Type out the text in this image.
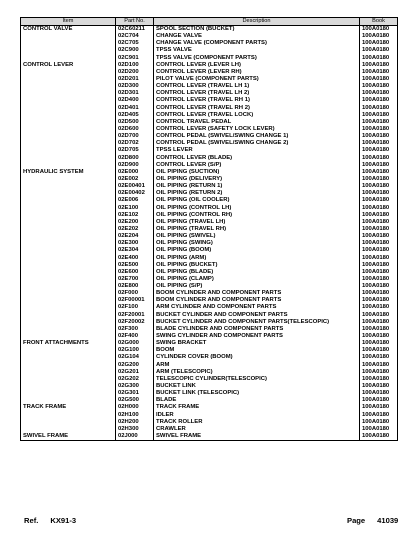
Item	Part No.	Description	Book
CONTROL VALVE	02C60211	SPOOL SECTION (BUCKET)	100A0180
	02C704	CHANGE VALVE	100A0180
	02C705	CHANGE VALVE (COMPONENT PARTS)	100A0180
	02C900	TPSS VALVE	100A0180
	02C901	TPSS VALVE (COMPONENT PARTS)	100A0180
CONTROL LEVER	02D100	CONTROL LEVER (LEVER LH)	100A0180
	02D200	CONTROL LEVER (LEVER RH)	100A0180
	02D201	PILOT VALVE (COMPONENT PARTS)	100A0180
	02D300	CONTROL LEVER (TRAVEL LH 1)	100A0180
	02D301	CONTROL LEVER (TRAVEL LH 2)	100A0180
	02D400	CONTROL LEVER (TRAVEL RH 1)	100A0180
	02D401	CONTROL LEVER (TRAVEL RH 2)	100A0180
	02D405	CONTROL LEVER (TRAVEL LOCK)	100A0180
	02D500	CONTROL TRAVEL PEDAL	100A0180
	02D600	CONTROL LEVER (SAFETY LOCK LEVER)	100A0180
	02D700	CONTROL PEDAL (SWIVEL/SWING CHANGE 1)	100A0180
	02D702	CONTROL PEDAL (SWIVEL/SWING CHANGE 2)	100A0180
	02D705	TPSS LEVER	100A0180
	02D800	CONTROL LEVER (BLADE)	100A0180
	02D900	CONTROL LEVER (S/P)	100A0180
HYDRAULIC SYSTEM	02E000	OIL PIPING (SUCTION)	100A0180
	02E002	OIL PIPING (DELIVERY)	100A0180
	02E00401	OIL PIPING (RETURN 1)	100A0180
	02E00402	OIL PIPING (RETURN 2)	100A0180
	02E006	OIL PIPING (OIL COOLER)	100A0180
	02E100	OIL PIPING (CONTROL LH)	100A0180
	02E102	OIL PIPING (CONTROL RH)	100A0180
	02E200	OIL PIPING (TRAVEL LH)	100A0180
	02E202	OIL PIPING (TRAVEL RH)	100A0180
	02E204	OIL PIPING (SWIVEL)	100A0180
	02E300	OIL PIPING (SWING)	100A0180
	02E304	OIL PIPING (BOOM)	100A0180
	02E400	OIL PIPING (ARM)	100A0180
	02E500	OIL PIPING (BUCKET)	100A0180
	02E600	OIL PIPING (BLADE)	100A0180
	02E700	OIL PIPING (CLAMP)	100A0180
	02E800	OIL PIPING (S/P)	100A0180
	02F000	BOOM CYLINDER AND COMPONENT PARTS	100A0180
	02F00001	BOOM CYLINDER AND COMPONENT PARTS	100A0180
	02F100	ARM CYLINDER AND COMPONENT PARTS	100A0180
	02F20001	BUCKET CYLINDER AND COMPONENT PARTS	100A0180
	02F20002	BUCKET CYLINDER AND COMPONENT PARTS(TELESCOPIC)	100A0180
	02F300	BLADE CYLINDER AND COMPONENT PARTS	100A0180
	02F400	SWING CYLINDER AND COMPONENT PARTS	100A0180
FRONT ATTACHMENTS	02G000	SWING BRACKET	100A0180
	02G100	BOOM	100A0180
	02G104	CYLINDER COVER (BOOM)	100A0180
	02G200	ARM	100A0180
	02G201	ARM (TELESCOPIC)	100A0180
	02G202	TELESCOPIC CYLINDER(TELESCOPIC)	100A0180
	02G300	BUCKET LINK	100A0180
	02G301	BUCKET LINK (TELESCOPIC)	100A0180
	02G500	BLADE	100A0180
TRACK FRAME	02H000	TRACK FRAME	100A0180
	02H100	IDLER	100A0180
	02H200	TRACK ROLLER	100A0180
	02H300	CRAWLER	100A0180
SWIVEL FRAME	02J000	SWIVEL FRAME	100A0180
Ref. KX91-3	Page 41039
